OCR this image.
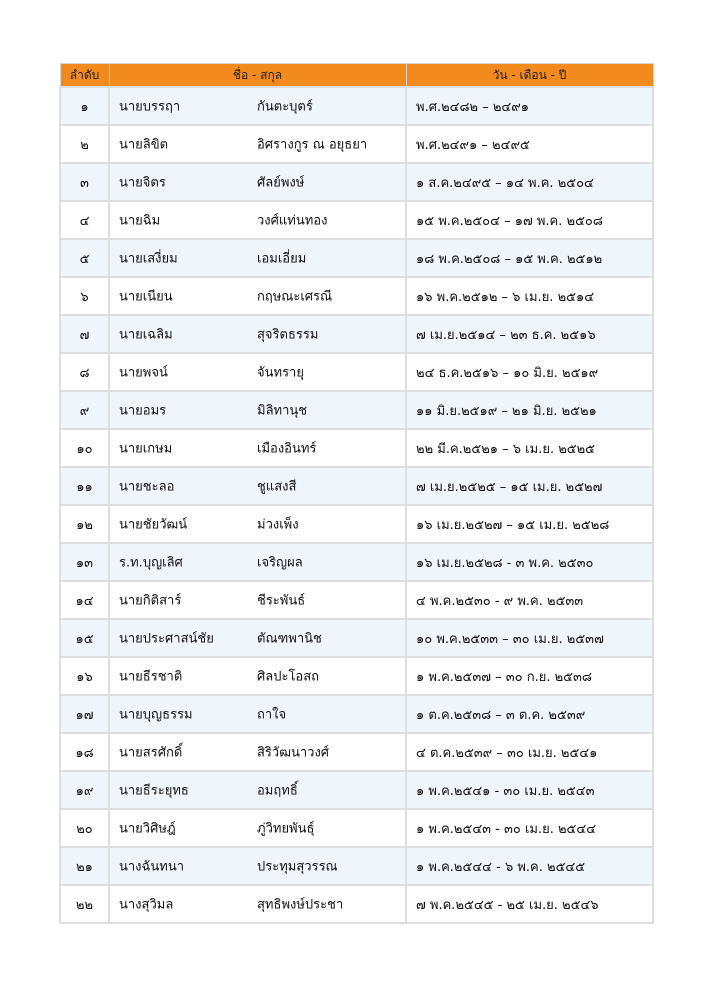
ลำดับ	ชื่อ - สกุล	วัน - เดือน - ปี
๑	นายบรรฤา กันตะบุตร์	พ.ศ.๒๔๘๒ – ๒๔๙๑
๒	นายลิขิต อิศรางกูร ณ อยุธยา	พ.ศ.๒๔๙๑ – ๒๔๙๕
๓	นายจิตร ศัลย์พงษ์	๑ ส.ค.๒๔๙๕ – ๑๔ พ.ค. ๒๕๐๔
๔	นายฉิม วงศ์แท่นทอง	๑๕ พ.ค.๒๕๐๔ – ๑๗ พ.ค. ๒๕๐๘
๕	นายเสงี่ยม เอมเอี่ยม	๑๘ พ.ค.๒๕๐๘ – ๑๕ พ.ค. ๒๕๑๒
๖	นายเนียน กฤษณะเศรณี	๑๖ พ.ค.๒๕๑๒ – ๖ เม.ย. ๒๕๑๔
๗	นายเฉลิม สุจริตธรรม	๗ เม.ย.๒๕๑๔ – ๒๓ ธ.ค. ๒๕๑๖
๘	นายพจน์ จันทรายุ	๒๔ ธ.ค.๒๕๑๖ – ๑๐ มิ.ย. ๒๕๑๙
๙	นายอมร มิลิทานุช	๑๑ มิ.ย.๒๕๑๙ – ๒๑ มิ.ย. ๒๕๒๑
๑๐	นายเกษม เมืองอินทร์	๒๒ มี.ค.๒๕๒๑ – ๖ เม.ย. ๒๕๒๕
๑๑	นายชะลอ ชูแสงสี	๗ เม.ย.๒๕๒๕ – ๑๕ เม.ย. ๒๕๒๗
๑๒	นายชัยวัฒน์ ม่วงเพ็ง	๑๖ เม.ย.๒๕๒๗ – ๑๕ เม.ย. ๒๕๒๘
๑๓	ร.ท.บุญเลิศ เจริญผล	๑๖ เม.ย.๒๕๒๘ - ๓ พ.ค. ๒๕๓๐
๑๔	นายกิติสาร์ ชีระพันธ์	๔ พ.ค.๒๕๓๐ - ๙ พ.ค. ๒๕๓๓
๑๕	นายประศาสน์ชัย ตัณฑพานิช	๑๐ พ.ค.๒๕๓๓ – ๓๐ เม.ย. ๒๕๓๗
๑๖	นายธีรชาติ ศิลปะโอสถ	๑ พ.ค.๒๕๓๗ – ๓๐ ก.ย. ๒๕๓๘
๑๗	นายบุญธรรม ถาใจ	๑ ต.ค.๒๕๓๘ – ๓ ต.ค. ๒๕๓๙
๑๘	นายสรศักดิ์ สิริวัฒนาวงศ์	๔ ต.ค.๒๕๓๙ – ๓๐ เม.ย. ๒๕๔๑
๑๙	นายธีระยุทธ อมฤทธิ์	๑ พ.ค.๒๕๔๑ - ๓๐ เม.ย. ๒๕๔๓
๒๐	นายวิศิษฎ์ ภู่วิทยพันธุ์	๑ พ.ค.๒๕๔๓ - ๓๐ เม.ย. ๒๕๔๔
๒๑	นางฉันทนา ประทุมสุวรรณ	๑ พ.ค.๒๕๔๔ - ๖ พ.ค. ๒๕๔๕
๒๒	นางสุวิมล สุทธิพงษ์ประชา	๗ พ.ค.๒๕๔๕ - ๒๕ เม.ย. ๒๕๔๖
